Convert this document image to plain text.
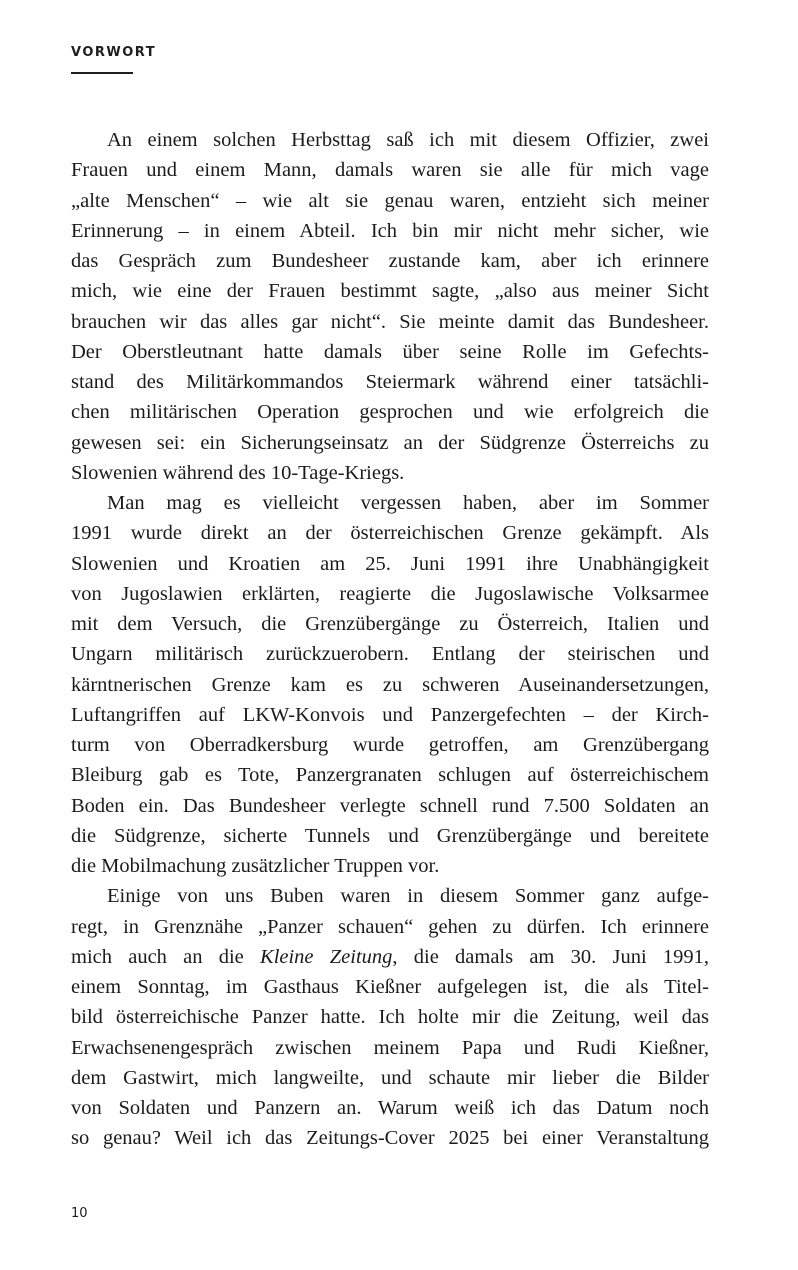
VORWORT
An einem solchen Herbsttag saß ich mit diesem Offizier, zwei
Frauen und einem Mann, damals waren sie alle für mich vage
„alte Menschen“ – wie alt sie genau waren, entzieht sich meiner
Erinnerung – in einem Abteil. Ich bin mir nicht mehr sicher, wie
das Gespräch zum Bundesheer zustande kam, aber ich erinnere
mich, wie eine der Frauen bestimmt sagte, „also aus meiner Sicht
brauchen wir das alles gar nicht“. Sie meinte damit das Bundesheer.
Der Oberstleutnant hatte damals über seine Rolle im Gefechts-
stand des Militärkommandos Steiermark während einer tatsächli-
chen militärischen Operation gesprochen und wie erfolgreich die
gewesen sei: ein Sicherungseinsatz an der Südgrenze Österreichs zu
Slowenien während des 10-Tage-Kriegs.
Man mag es vielleicht vergessen haben, aber im Sommer
1991 wurde direkt an der österreichischen Grenze gekämpft. Als
Slowenien und Kroatien am 25. Juni 1991 ihre Unabhängigkeit
von Jugoslawien erklärten, reagierte die Jugoslawische Volksarmee
mit dem Versuch, die Grenzübergänge zu Österreich, Italien und
Ungarn militärisch zurückzuerobern. Entlang der steirischen und
kärntnerischen Grenze kam es zu schweren Auseinandersetzungen,
Luftangriffen auf LKW-Konvois und Panzergefechten – der Kirch-
turm von Oberradkersburg wurde getroffen, am Grenzübergang
Bleiburg gab es Tote, Panzergranaten schlugen auf österreichischem
Boden ein. Das Bundesheer verlegte schnell rund 7.500 Soldaten an
die Südgrenze, sicherte Tunnels und Grenzübergänge und bereitete
die Mobilmachung zusätzlicher Truppen vor.
Einige von uns Buben waren in diesem Sommer ganz aufge-
regt, in Grenznähe „Panzer schauen“ gehen zu dürfen. Ich erinnere
mich auch an die Kleine Zeitung, die damals am 30. Juni 1991,
einem Sonntag, im Gasthaus Kießner aufgelegen ist, die als Titel-
bild österreichische Panzer hatte. Ich holte mir die Zeitung, weil das
Erwachsenengespräch zwischen meinem Papa und Rudi Kießner,
dem Gastwirt, mich langweilte, und schaute mir lieber die Bilder
von Soldaten und Panzern an. Warum weiß ich das Datum noch
so genau? Weil ich das Zeitungs-Cover 2025 bei einer Veranstaltung
10
